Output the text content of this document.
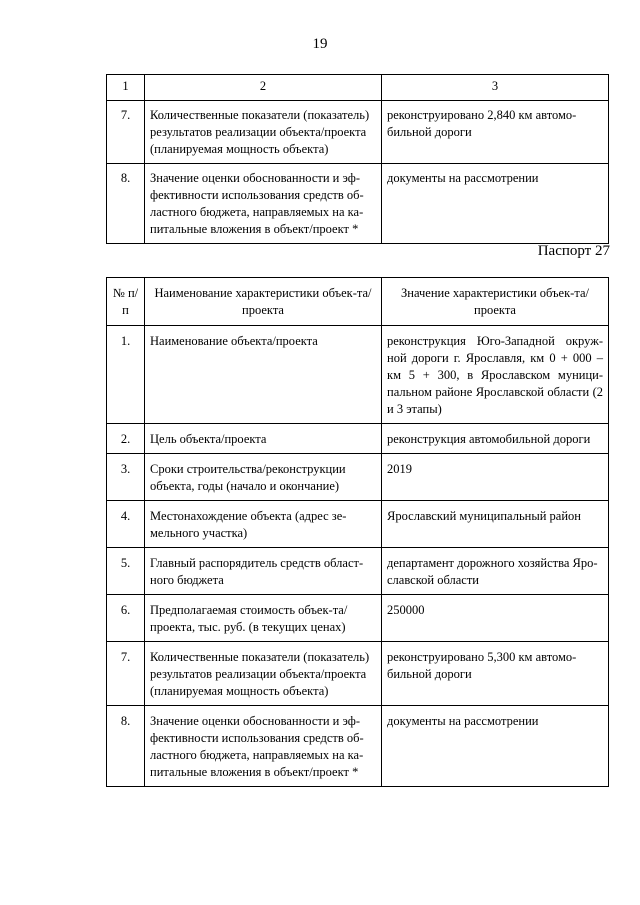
19
1	2	3
7.	Количественные показатели (показатель) результатов реализации объекта/проекта (планируемая мощность объекта)	реконструировано 2,840 км автомо-бильной дороги
8.	Значение оценки обоснованности и эф-фективности использования средств об-ластного бюджета, направляемых на ка-питальные вложения в объект/проект *	документы на рассмотрении
Паспорт 27
№ п/п	Наименование характеристики объек-та/проекта	Значение характеристики объек-та/проекта
1.	Наименование объекта/проекта	реконструкция Юго-Западной окруж-ной дороги г. Ярославля, км 0 + 000 – км 5 + 300, в Ярославском муници-пальном районе Ярославской области (2 и 3 этапы)
2.	Цель объекта/проекта	реконструкция автомобильной дороги
3.	Сроки строительства/реконструкции объекта, годы (начало и окончание)	2019
4.	Местонахождение объекта (адрес зе-мельного участка)	Ярославский муниципальный район
5.	Главный распорядитель средств област-ного бюджета	департамент дорожного хозяйства Яро-славской области
6.	Предполагаемая стоимость объек-та/проекта, тыс. руб. (в текущих ценах)	250000
7.	Количественные показатели (показатель) результатов реализации объекта/проекта (планируемая мощность объекта)	реконструировано 5,300 км автомо-бильной дороги
8.	Значение оценки обоснованности и эф-фективности использования средств об-ластного бюджета, направляемых на ка-питальные вложения в объект/проект *	документы на рассмотрении
